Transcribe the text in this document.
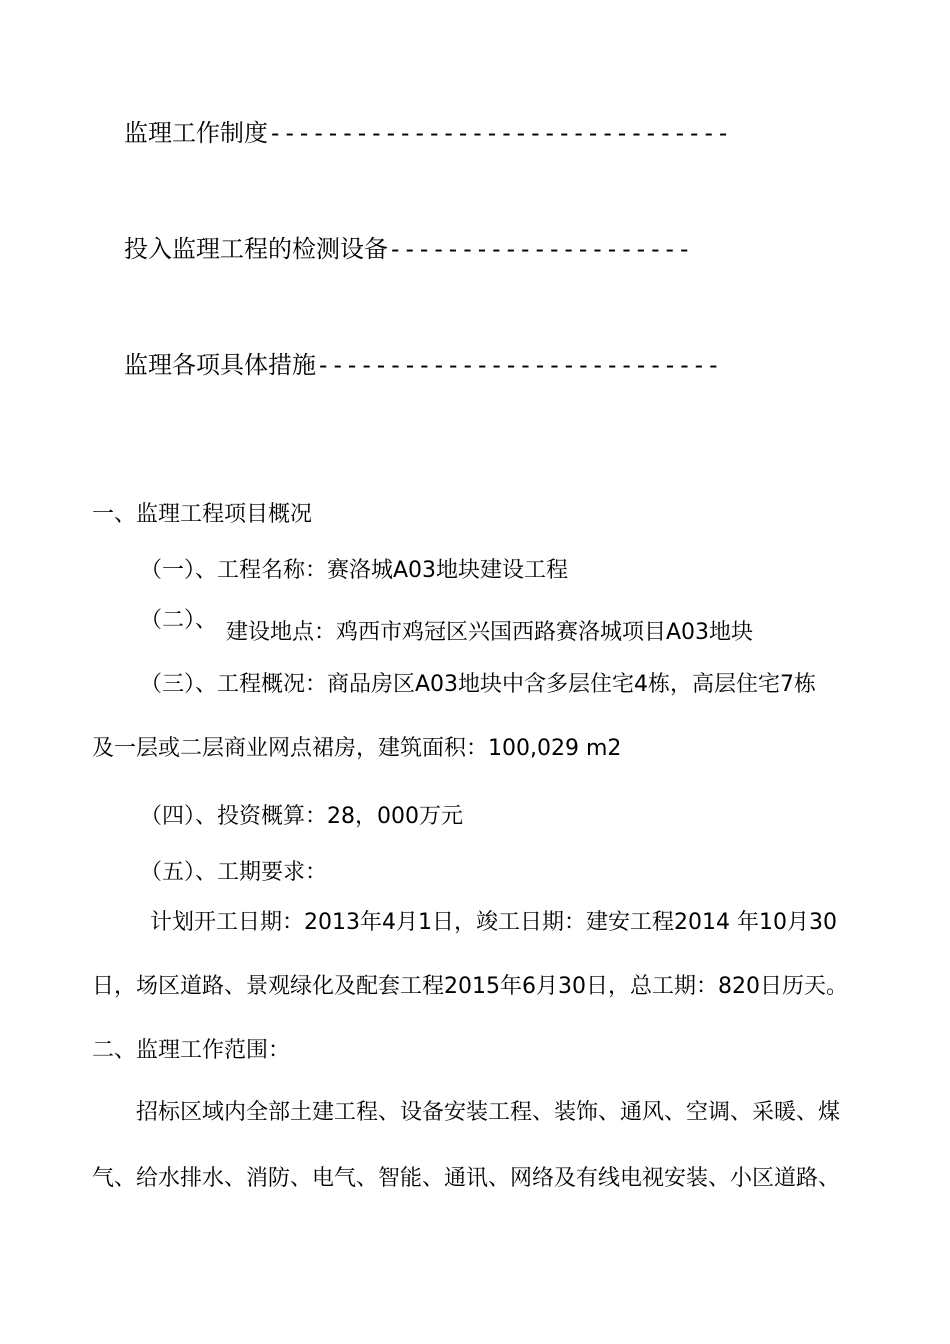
监理工作制度--------------------------------
投入监理工程的检测设备---------------------
监理各项具体措施----------------------------
一、监理工程项目概况
（一）、工程名称：赛洛城A03地块建设工程
（二）、 建设地点：鸡西市鸡冠区兴国西路赛洛城项目A03地块
（三）、工程概况：商品房区A03地块中含多层住宅4栋，高层住宅7栋
及一层或二层商业网点裙房，建筑面积：100,029 m2
（四）、投资概算：28，000万元
（五）、工期要求：
计划开工日期：2013年4月1日，竣工日期：建安工程2014 年10月30
日，场区道路、景观绿化及配套工程2015年6月30日，总工期：820日历天。
二、监理工作范围：
招标区域内全部土建工程、设备安装工程、装饰、通风、空调、采暖、煤
气、给水排水、消防、电气、智能、通讯、网络及有线电视安装、小区道路、
